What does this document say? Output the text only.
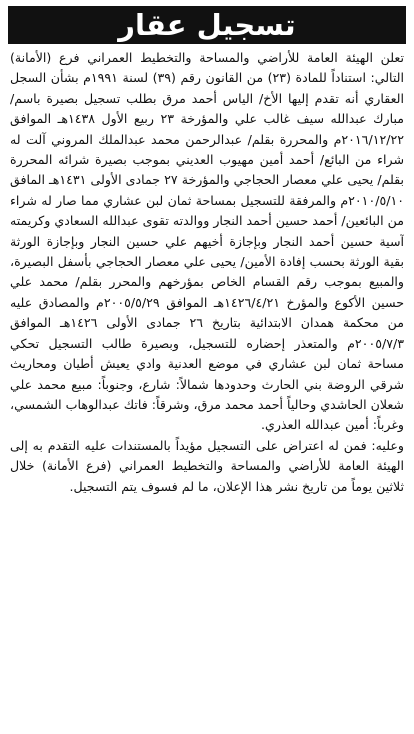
تسجيل عقار

تعلن الهيئة العامة للأراضي والمساحة والتخطيط العمراني فرع (الأمانة) التالي: استناداً للمادة (٢٣) من القانون رقم (٣٩) لسنة ١٩٩١م بشأن السجل العقاري أنه تقدم إليها الأخ/ الياس أحمد مرق بطلب تسجيل بصيرة باسم/ مبارك عبدالله سيف غالب علي والمؤرخة ٢٣ ربيع الأول ١٤٣٨هـ الموافق ٢٠١٦/١٢/٢٢م والمحررة بقلم/ عبدالرحمن محمد عبدالملك المروني آلت له شراء من البائع/ أحمد أمين مهيوب العديني بموجب بصيرة شرائه المحررة بقلم/ يحيى علي معصار الحجاجي والمؤرخة ٢٧ جمادى الأولى ١٤٣١هـ المافق ٢٠١٠/٥/١٠م والمرفقة للتسجيل بمساحة ثمان لبن عشاري مما صار له شراء من البائعين/ أحمد حسين أحمد النجار ووالدته تقوى عبدالله السعادي وكريمته آسية حسين أحمد النجار وبإجازة أخيهم علي حسين النجار وبإجازة الورثة بقية الورثة بحسب إفادة الأمين/ يحيى علي معصار الحجاجي بأسفل البصيرة، والمبيع بموجب رقم القسام الخاص بمؤرخهم والمحرر بقلم/ محمد علي حسين الأكوع والمؤرخ ١٤٢٦/٤/٢١هـ الموافق ٢٠٠٥/٥/٢٩م والمصادق عليه من محكمة همدان الابتدائية بتاريخ ٢٦ جمادى الأولى ١٤٢٦هـ الموافق ٢٠٠٥/٧/٣م والمتعذر إحضاره للتسجيل، وبصيرة طالب التسجيل تحكي مساحة ثمان لبن عشاري في موضع العدنية وادي يعيش أطيان ومحاريث شرقي الروضة بني الحارث وحدودها شمالاً: شارع، وجنوباً: مبيع محمد علي شعلان الحاشدي وحالياً أحمد محمد مرق، وشرقاً: فاتك عبدالوهاب الشمسي، وغرباً: أمين عبدالله العذري.

وعليه: فمن له اعتراض على التسجيل مؤيداً بالمستندات عليه التقدم به إلى الهيئة العامة للأراضي والمساحة والتخطيط العمراني (فرع الأمانة) خلال ثلاثين يوماً من تاريخ نشر هذا الإعلان، ما لم فسوف يتم التسجيل.
